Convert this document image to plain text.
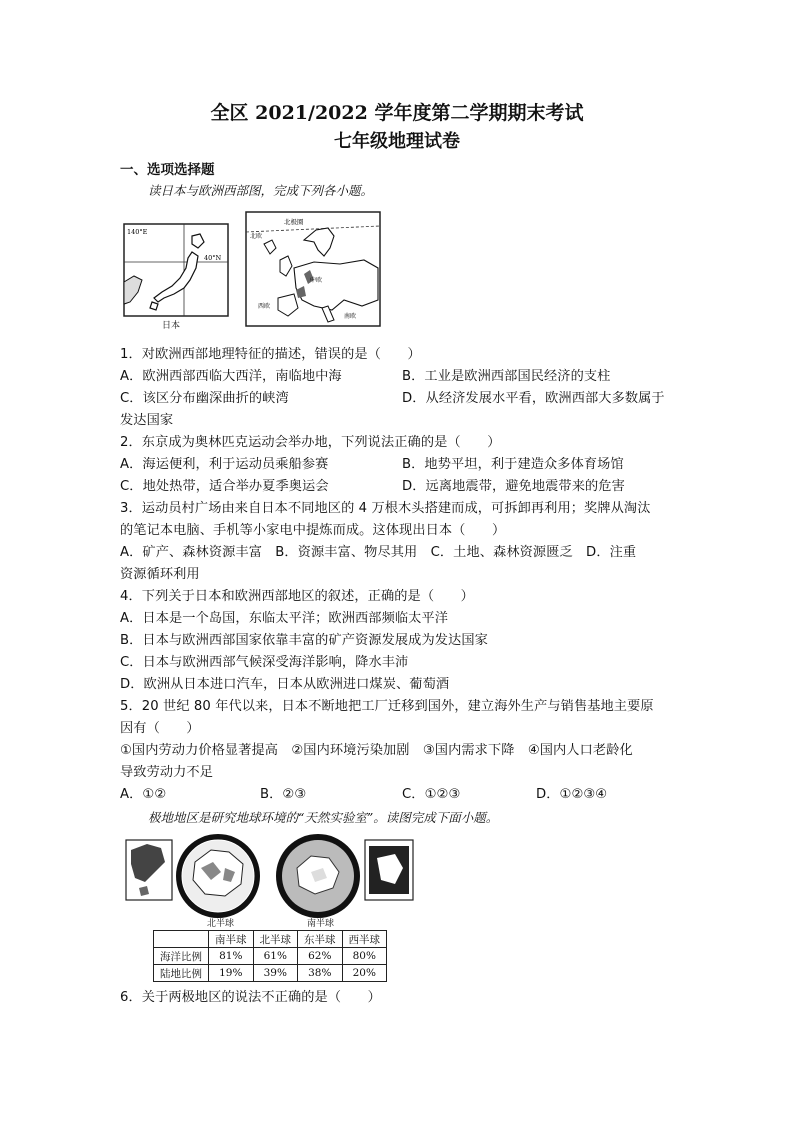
全区 2021/2022 学年度第二学期期末考试
七年级地理试卷
一、选项选择题
读日本与欧洲西部图，完成下列各小题。
140°E
40°N
日本
北极圈
北欧
西欧
中欧
南欧
1．对欧洲西部地理特征的描述，错误的是（　　）
A．欧洲西部西临大西洋，南临地中海	B．工业是欧洲西部国民经济的支柱
C．该区分布幽深曲折的峡湾	D．从经济发展水平看，欧洲西部大多数属于
发达国家
2．东京成为奥林匹克运动会举办地，下列说法正确的是（　　）
A．海运便利，利于运动员乘船参赛	B．地势平坦，利于建造众多体育场馆
C．地处热带，适合举办夏季奥运会	D．远离地震带，避免地震带来的危害
3．运动员村广场由来自日本不同地区的 4 万根木头搭建而成，可拆卸再利用；奖牌从淘汰
的笔记本电脑、手机等小家电中提炼而成。这体现出日本（　　）
A．矿产、森林资源丰富　B．资源丰富、物尽其用　C．土地、森林资源匮乏　D．注重
资源循环利用
4．下列关于日本和欧洲西部地区的叙述，正确的是（　　）
A．日本是一个岛国，东临太平洋；欧洲西部频临太平洋
B．日本与欧洲西部国家依靠丰富的矿产资源发展成为发达国家
C．日本与欧洲西部气候深受海洋影响，降水丰沛
D．欧洲从日本进口汽车，日本从欧洲进口煤炭、葡萄酒
5．20 世纪 80 年代以来，日本不断地把工厂迁移到国外，建立海外生产与销售基地主要原
因有（　　）
①国内劳动力价格显著提高　②国内环境污染加剧　③国内需求下降　④国内人口老龄化
导致劳动力不足
A．①②	B．②③	C．①②③	D．①②③④
极地地区是研究地球环境的“天然实验室”。读图完成下面小题。
北半球	南半球
	南半球	北半球	东半球	西半球
海洋比例	81%	61%	62%	80%
陆地比例	19%	39%	38%	20%
6．关于两极地区的说法不正确的是（　　）
